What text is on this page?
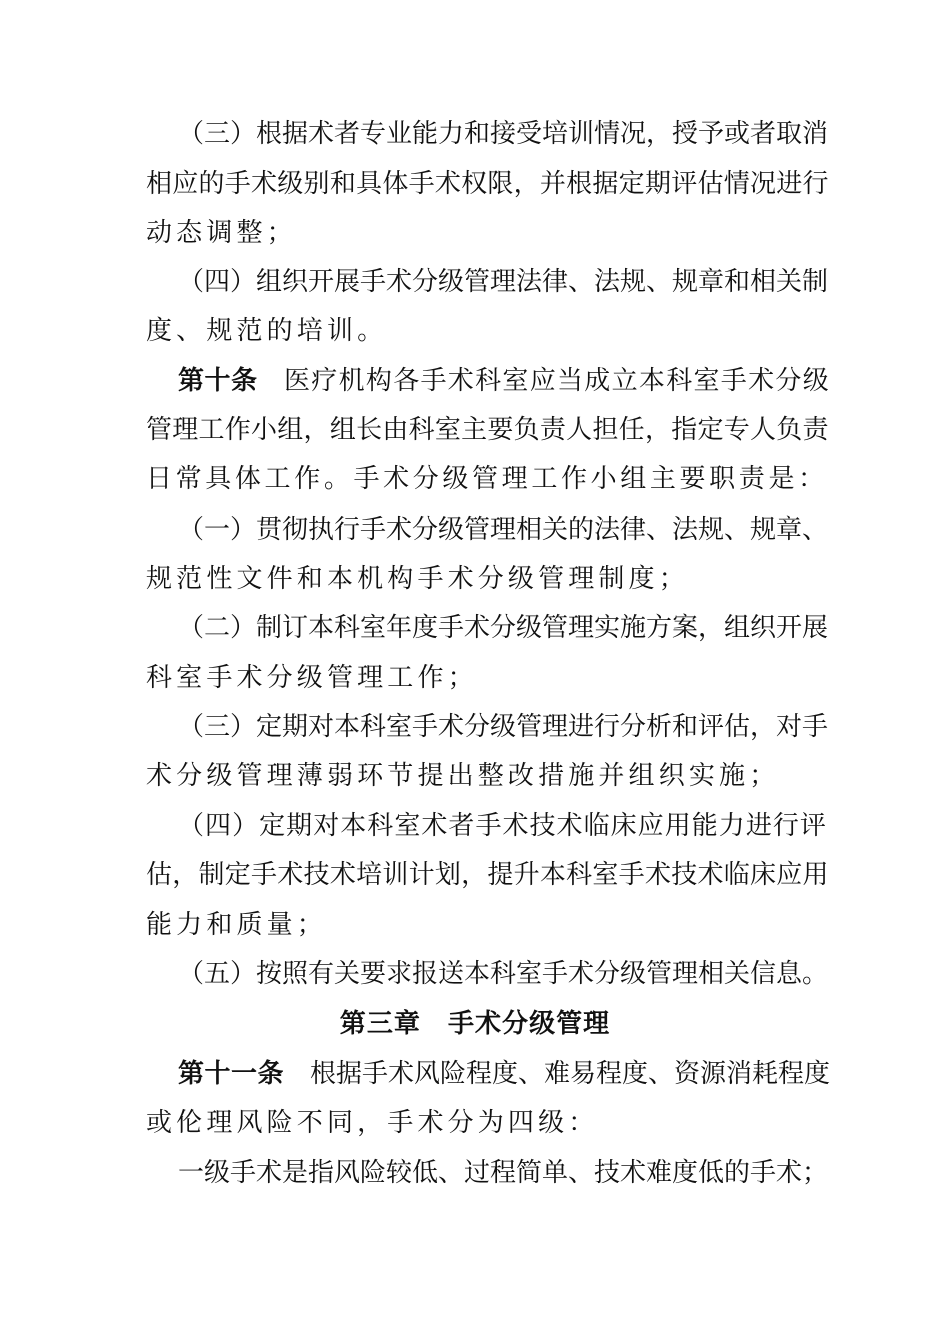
（三）根据术者专业能力和接受培训情况，授予或者取消
相应的手术级别和具体手术权限，并根据定期评估情况进行
动态调整；
（四）组织开展手术分级管理法律、法规、规章和相关制
度、规范的培训。
第十条 医疗机构各手术科室应当成立本科室手术分级
管理工作小组，组长由科室主要负责人担任，指定专人负责
日常具体工作。手术分级管理工作小组主要职责是：
（一）贯彻执行手术分级管理相关的法律、法规、规章、
规范性文件和本机构手术分级管理制度；
（二）制订本科室年度手术分级管理实施方案，组织开展
科室手术分级管理工作；
（三）定期对本科室手术分级管理进行分析和评估，对手
术分级管理薄弱环节提出整改措施并组织实施；
（四）定期对本科室术者手术技术临床应用能力进行评
估，制定手术技术培训计划，提升本科室手术技术临床应用
能力和质量；
（五）按照有关要求报送本科室手术分级管理相关信息。
第三章　手术分级管理
第十一条 根据手术风险程度、难易程度、资源消耗程度
或伦理风险不同，手术分为四级：
一级手术是指风险较低、过程简单、技术难度低的手术；
